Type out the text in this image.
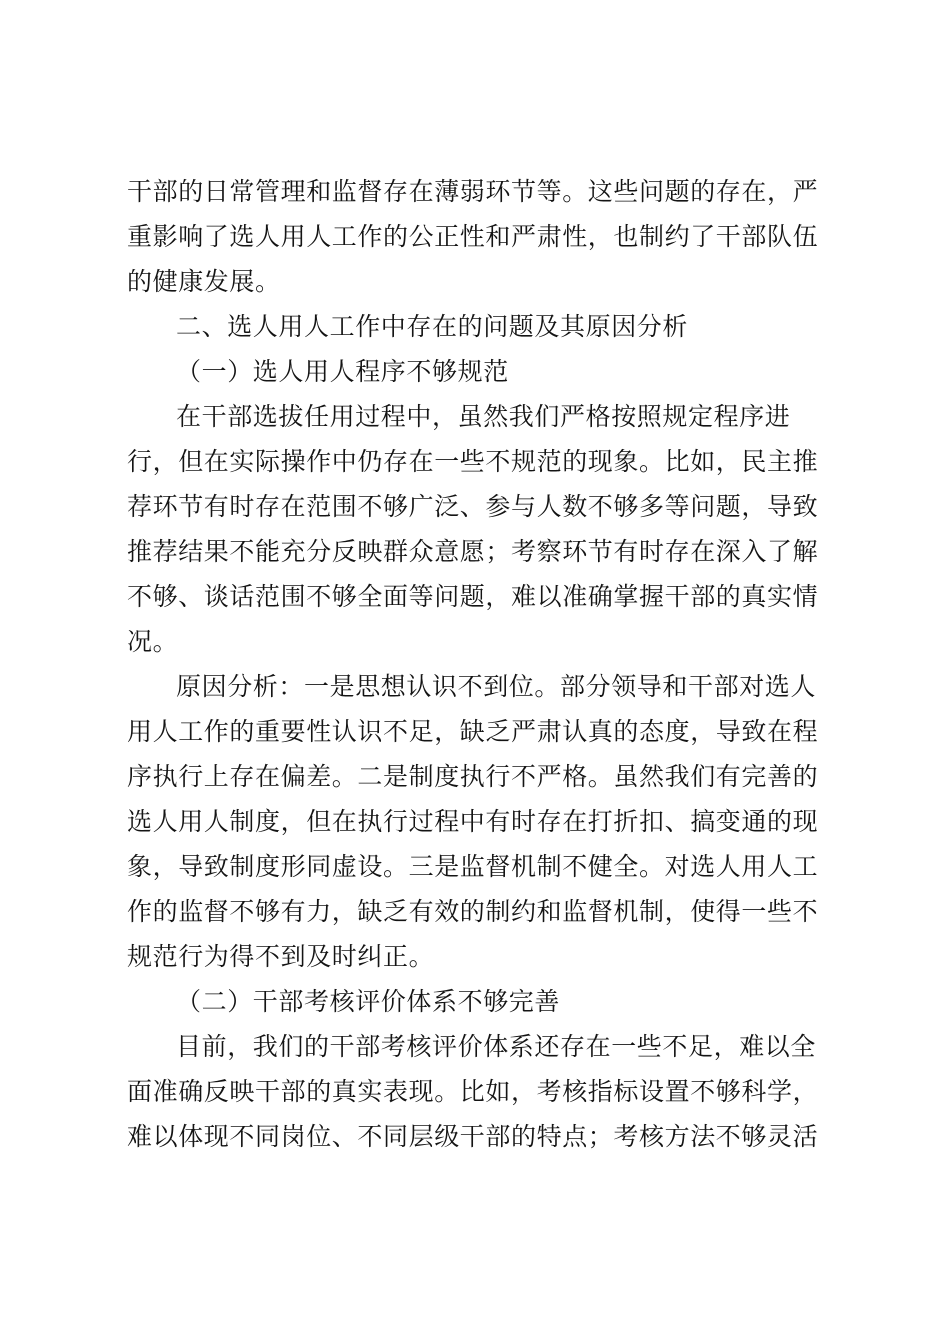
干部的日常管理和监督存在薄弱环节等。这些问题的存在，严
重影响了选人用人工作的公正性和严肃性，也制约了干部队伍
的健康发展。
二、选人用人工作中存在的问题及其原因分析
（一）选人用人程序不够规范
在干部选拔任用过程中，虽然我们严格按照规定程序进
行，但在实际操作中仍存在一些不规范的现象。比如，民主推
荐环节有时存在范围不够广泛、参与人数不够多等问题，导致
推荐结果不能充分反映群众意愿；考察环节有时存在深入了解
不够、谈话范围不够全面等问题，难以准确掌握干部的真实情
况。
原因分析：一是思想认识不到位。部分领导和干部对选人
用人工作的重要性认识不足，缺乏严肃认真的态度，导致在程
序执行上存在偏差。二是制度执行不严格。虽然我们有完善的
选人用人制度，但在执行过程中有时存在打折扣、搞变通的现
象，导致制度形同虚设。三是监督机制不健全。对选人用人工
作的监督不够有力，缺乏有效的制约和监督机制，使得一些不
规范行为得不到及时纠正。
（二）干部考核评价体系不够完善
目前，我们的干部考核评价体系还存在一些不足，难以全
面准确反映干部的真实表现。比如，考核指标设置不够科学，
难以体现不同岗位、不同层级干部的特点；考核方法不够灵活
